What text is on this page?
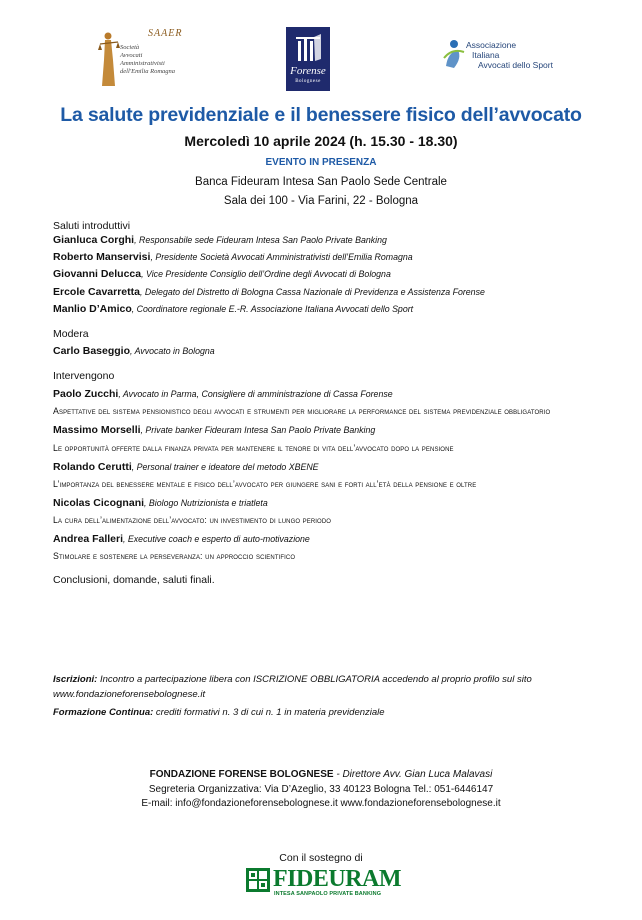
SAAER
Società
Avvocati
Amministrativisti
dell'Emilia Romagna	Forense
Bolognese
Associazione
Italiana
Avvocati dello Sport
La salute previdenziale e il benessere fisico dell’avvocato
Mercoledì 10 aprile 2024 (h. 15.30 - 18.30)
EVENTO IN PRESENZA
Banca Fideuram Intesa San Paolo Sede Centrale
Sala dei 100 - Via Farini, 22 - Bologna
Saluti introduttivi
Gianluca Corghi, Responsabile sede Fideuram Intesa San Paolo Private Banking
Roberto Manservisi, Presidente Società Avvocati Amministrativisti dell’Emilia Romagna
Giovanni Delucca, Vice Presidente Consiglio dell’Ordine degli Avvocati di Bologna
Ercole Cavarretta, Delegato del Distretto di Bologna Cassa Nazionale di Previdenza e Assistenza Forense
Manlio D’Amico, Coordinatore regionale E.-R. Associazione Italiana Avvocati dello Sport
Modera
Carlo Baseggio, Avvocato in Bologna
Intervengono
Paolo Zucchi, Avvocato in Parma, Consigliere di amministrazione di Cassa Forense
Aspettative del sistema pensionistico degli avvocati e strumenti per migliorare la performance del sistema previdenziale obbligatorio
Massimo Morselli, Private banker Fideuram Intesa San Paolo Private Banking
Le opportunità offerte dalla finanza privata per mantenere il tenore di vita dell’avvocato dopo la pensione
Rolando Cerutti, Personal trainer e ideatore del metodo XBENE
L’importanza del benessere mentale e fisico dell’avvocato per giungere sani e forti all’età della pensione e oltre
Nicolas Cicognani, Biologo Nutrizionista e triatleta
La cura dell’alimentazione dell’avvocato: un investimento di lungo periodo
Andrea Falleri, Executive coach e esperto di auto-motivazione
Stimolare e sostenere la perseveranza: un approccio scientifico
Conclusioni, domande, saluti finali.
Iscrizioni: Incontro a partecipazione libera con ISCRIZIONE OBBLIGATORIA accedendo al proprio profilo sul sito www.fondazioneforensebolognese.it
Formazione Continua: crediti formativi n. 3 di cui n. 1 in materia previdenziale
FONDAZIONE FORENSE BOLOGNESE - Direttore Avv. Gian Luca Malavasi
Segreteria Organizzativa: Via D’Azeglio, 33 40123 Bologna Tel.: 051-6446147
E-mail: info@fondazioneforensebolognese.it www.fondazioneforensebolognese.it
Con il sostegno di
FIDEURAM
INTESA SANPAOLO PRIVATE BANKING
